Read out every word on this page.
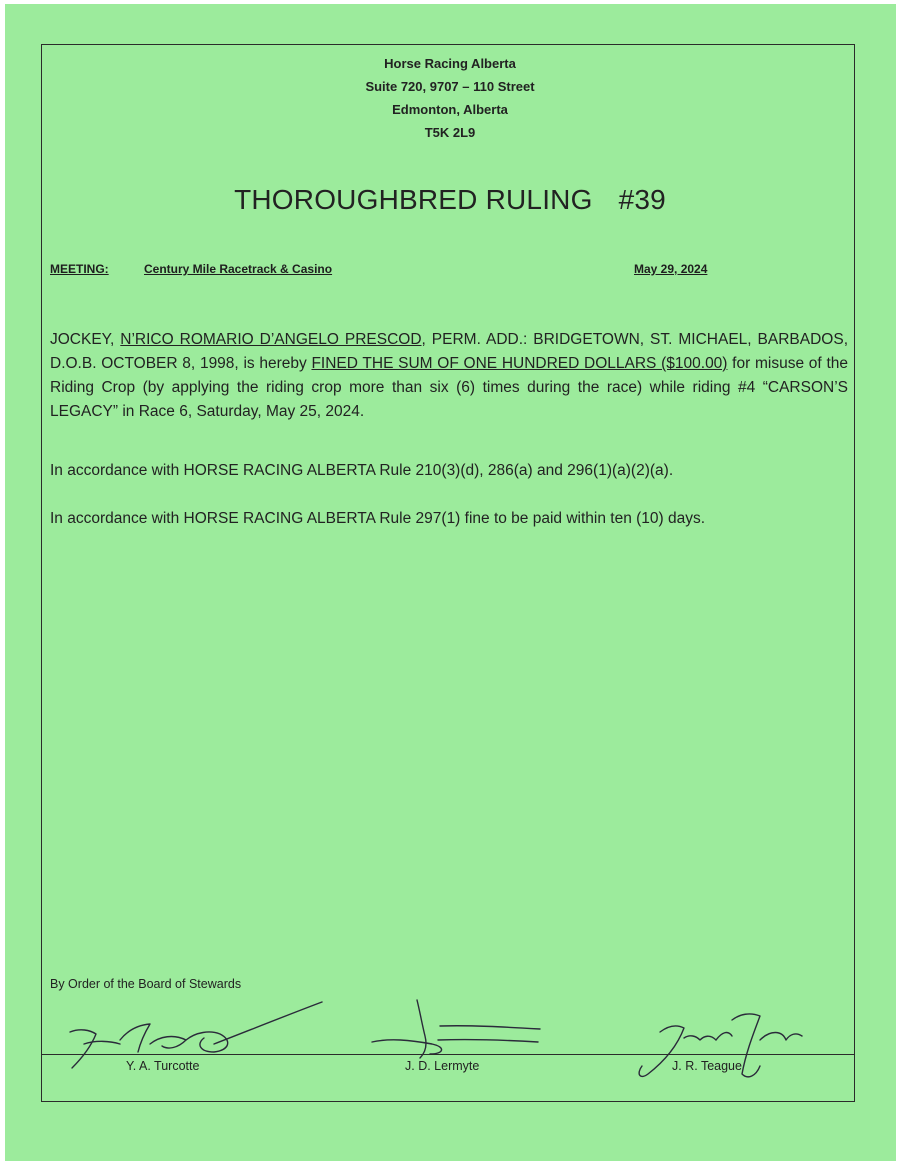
Horse Racing Alberta
Suite 720, 9707 – 110 Street
Edmonton, Alberta
T5K 2L9
THOROUGHBRED RULING #39
MEETING:	Century Mile Racetrack & Casino	May 29, 2024
JOCKEY, N’RICO ROMARIO D’ANGELO PRESCOD, PERM. ADD.: BRIDGETOWN, ST. MICHAEL, BARBADOS, D.O.B. OCTOBER 8, 1998, is hereby FINED THE SUM OF ONE HUNDRED DOLLARS ($100.00) for misuse of the Riding Crop (by applying the riding crop more than six (6) times during the race) while riding #4 “CARSON’S LEGACY” in Race 6, Saturday, May 25, 2024.
In accordance with HORSE RACING ALBERTA Rule 210(3)(d), 286(a) and 296(1)(a)(2)(a).
In accordance with HORSE RACING ALBERTA Rule 297(1) fine to be paid within ten (10) days.
By Order of the Board of Stewards
Y. A. Turcotte	J. D. Lermyte	J. R. Teague
